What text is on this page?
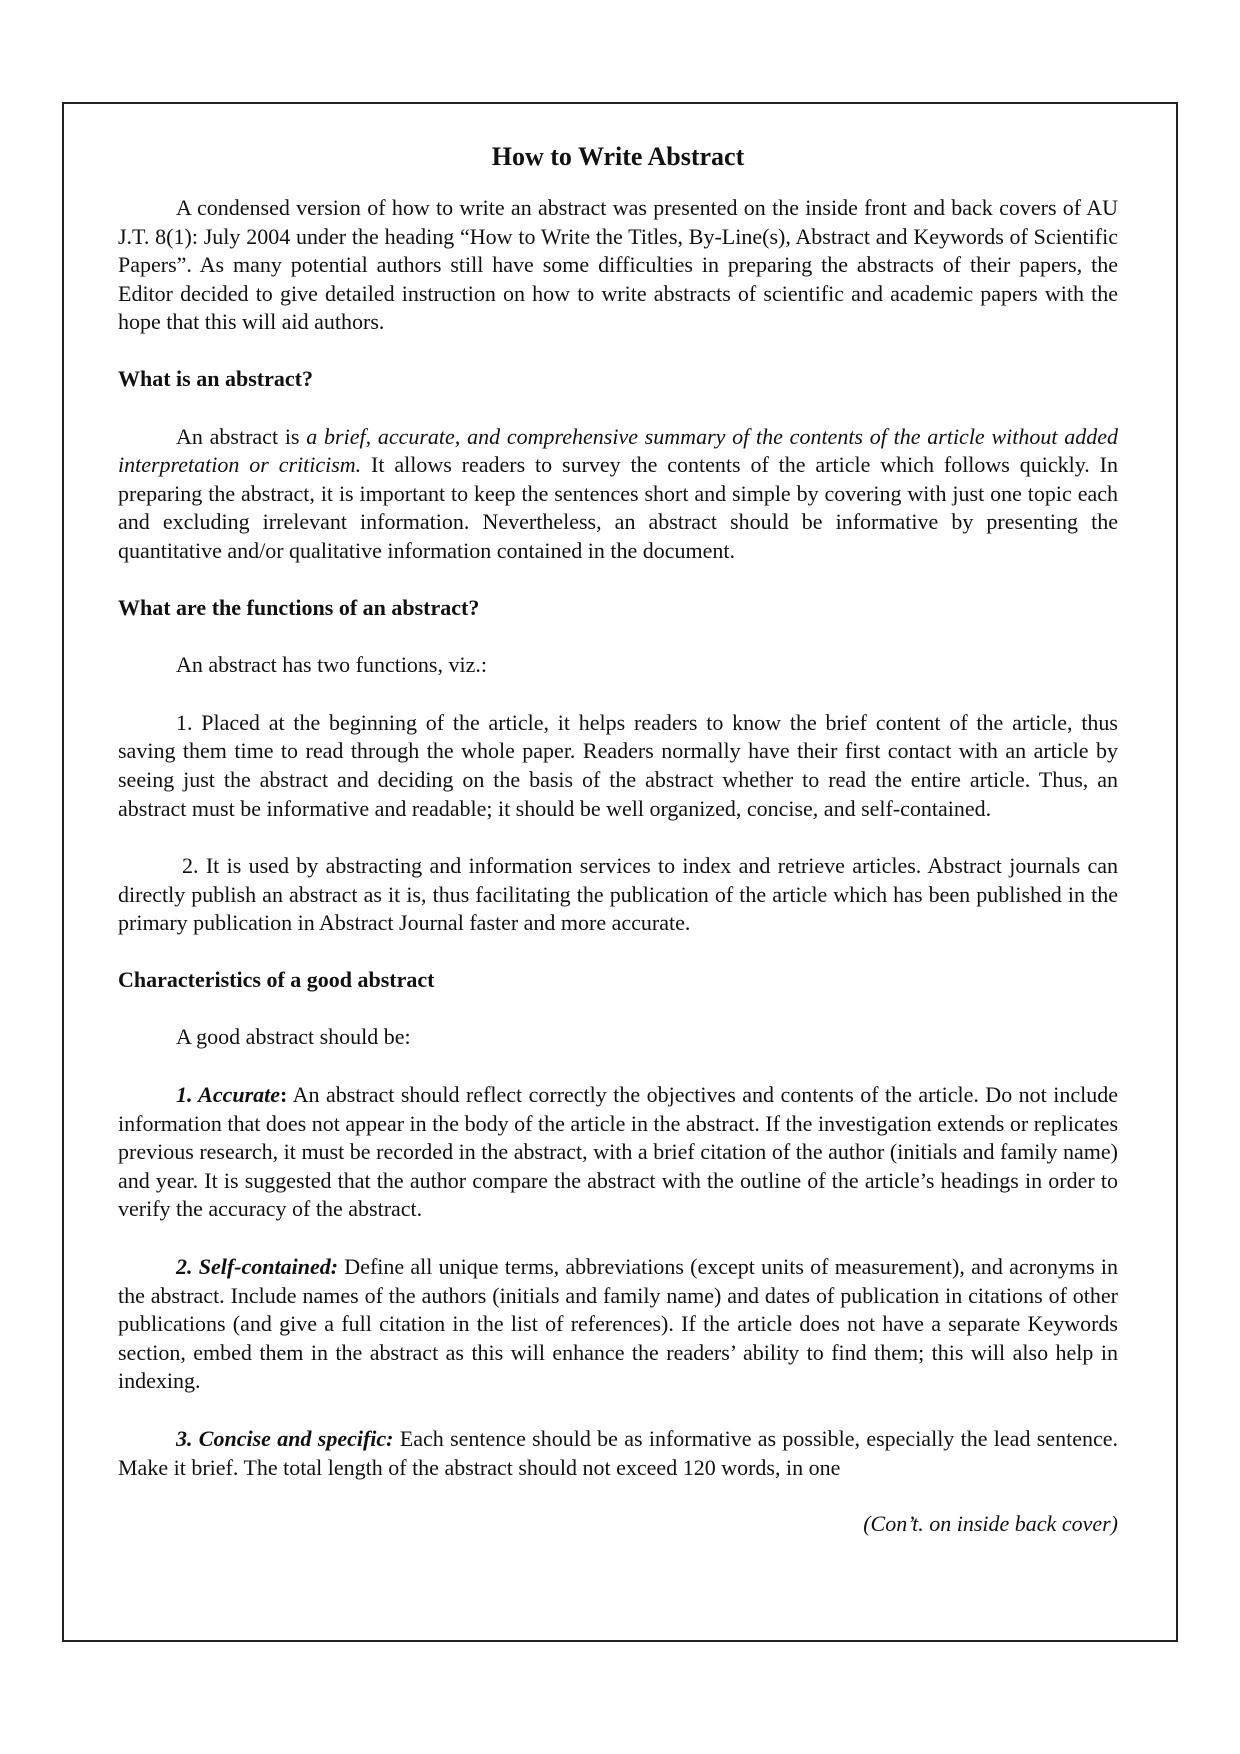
How to Write Abstract

A condensed version of how to write an abstract was presented on the inside front and back covers of AU J.T. 8(1): July 2004 under the heading “How to Write the Titles, By-Line(s), Abstract and Keywords of Scientific Papers”. As many potential authors still have some difficulties in preparing the abstracts of their papers, the Editor decided to give detailed instruction on how to write abstracts of scientific and academic papers with the hope that this will aid authors.

What is an abstract?

An abstract is a brief, accurate, and comprehensive summary of the contents of the article without added interpretation or criticism. It allows readers to survey the contents of the article which follows quickly. In preparing the abstract, it is important to keep the sentences short and simple by covering with just one topic each and excluding irrelevant information. Nevertheless, an abstract should be informative by presenting the quantitative and/or qualitative information contained in the document.

What are the functions of an abstract?

An abstract has two functions, viz.:

1. Placed at the beginning of the article, it helps readers to know the brief content of the article, thus saving them time to read through the whole paper. Readers normally have their first contact with an article by seeing just the abstract and deciding on the basis of the abstract whether to read the entire article. Thus, an abstract must be informative and readable; it should be well organized, concise, and self-contained.

2. It is used by abstracting and information services to index and retrieve articles. Abstract journals can directly publish an abstract as it is, thus facilitating the publication of the article which has been published in the primary publication in Abstract Journal faster and more accurate.

Characteristics of a good abstract

A good abstract should be:

1. Accurate: An abstract should reflect correctly the objectives and contents of the article. Do not include information that does not appear in the body of the article in the abstract. If the investigation extends or replicates previous research, it must be recorded in the abstract, with a brief citation of the author (initials and family name) and year. It is suggested that the author compare the abstract with the outline of the article’s headings in order to verify the accuracy of the abstract.

2. Self-contained: Define all unique terms, abbreviations (except units of measurement), and acronyms in the abstract. Include names of the authors (initials and family name) and dates of publication in citations of other publications (and give a full citation in the list of references). If the article does not have a separate Keywords section, embed them in the abstract as this will enhance the readers’ ability to find them; this will also help in indexing.

3. Concise and specific: Each sentence should be as informative as possible, especially the lead sentence. Make it brief. The total length of the abstract should not exceed 120 words, in one

(Con’t. on inside back cover)
